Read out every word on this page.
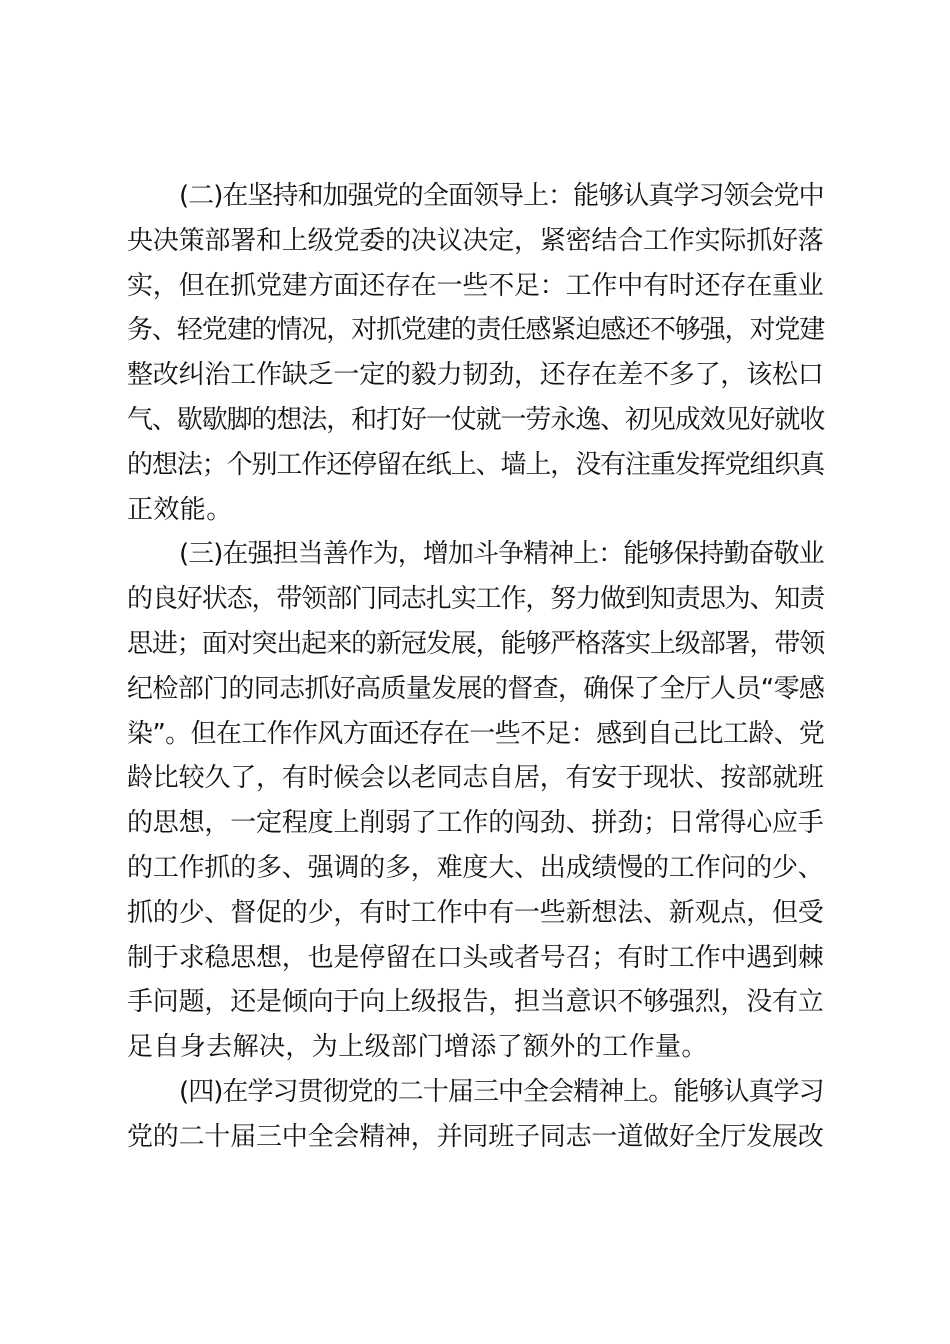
(二)在坚持和加强党的全面领导上：能够认真学习领会党中
央决策部署和上级党委的决议决定，紧密结合工作实际抓好落
实，但在抓党建方面还存在一些不足：工作中有时还存在重业
务、轻党建的情况，对抓党建的责任感紧迫感还不够强，对党建
整改纠治工作缺乏一定的毅力韧劲，还存在差不多了，该松口
气、歇歇脚的想法，和打好一仗就一劳永逸、初见成效见好就收
的想法；个别工作还停留在纸上、墙上，没有注重发挥党组织真
正效能。
(三)在强担当善作为，增加斗争精神上：能够保持勤奋敬业
的良好状态，带领部门同志扎实工作，努力做到知责思为、知责
思进；面对突出起来的新冠发展，能够严格落实上级部署，带领
纪检部门的同志抓好高质量发展的督查，确保了全厅人员“零感
染”。但在工作作风方面还存在一些不足：感到自己比工龄、党
龄比较久了，有时候会以老同志自居，有安于现状、按部就班
的思想，一定程度上削弱了工作的闯劲、拼劲；日常得心应手
的工作抓的多、强调的多，难度大、出成绩慢的工作问的少、
抓的少、督促的少，有时工作中有一些新想法、新观点，但受
制于求稳思想，也是停留在口头或者号召；有时工作中遇到棘
手问题，还是倾向于向上级报告，担当意识不够强烈，没有立
足自身去解决，为上级部门增添了额外的工作量。
(四)在学习贯彻党的二十届三中全会精神上。能够认真学习
党的二十届三中全会精神，并同班子同志一道做好全厅发展改
